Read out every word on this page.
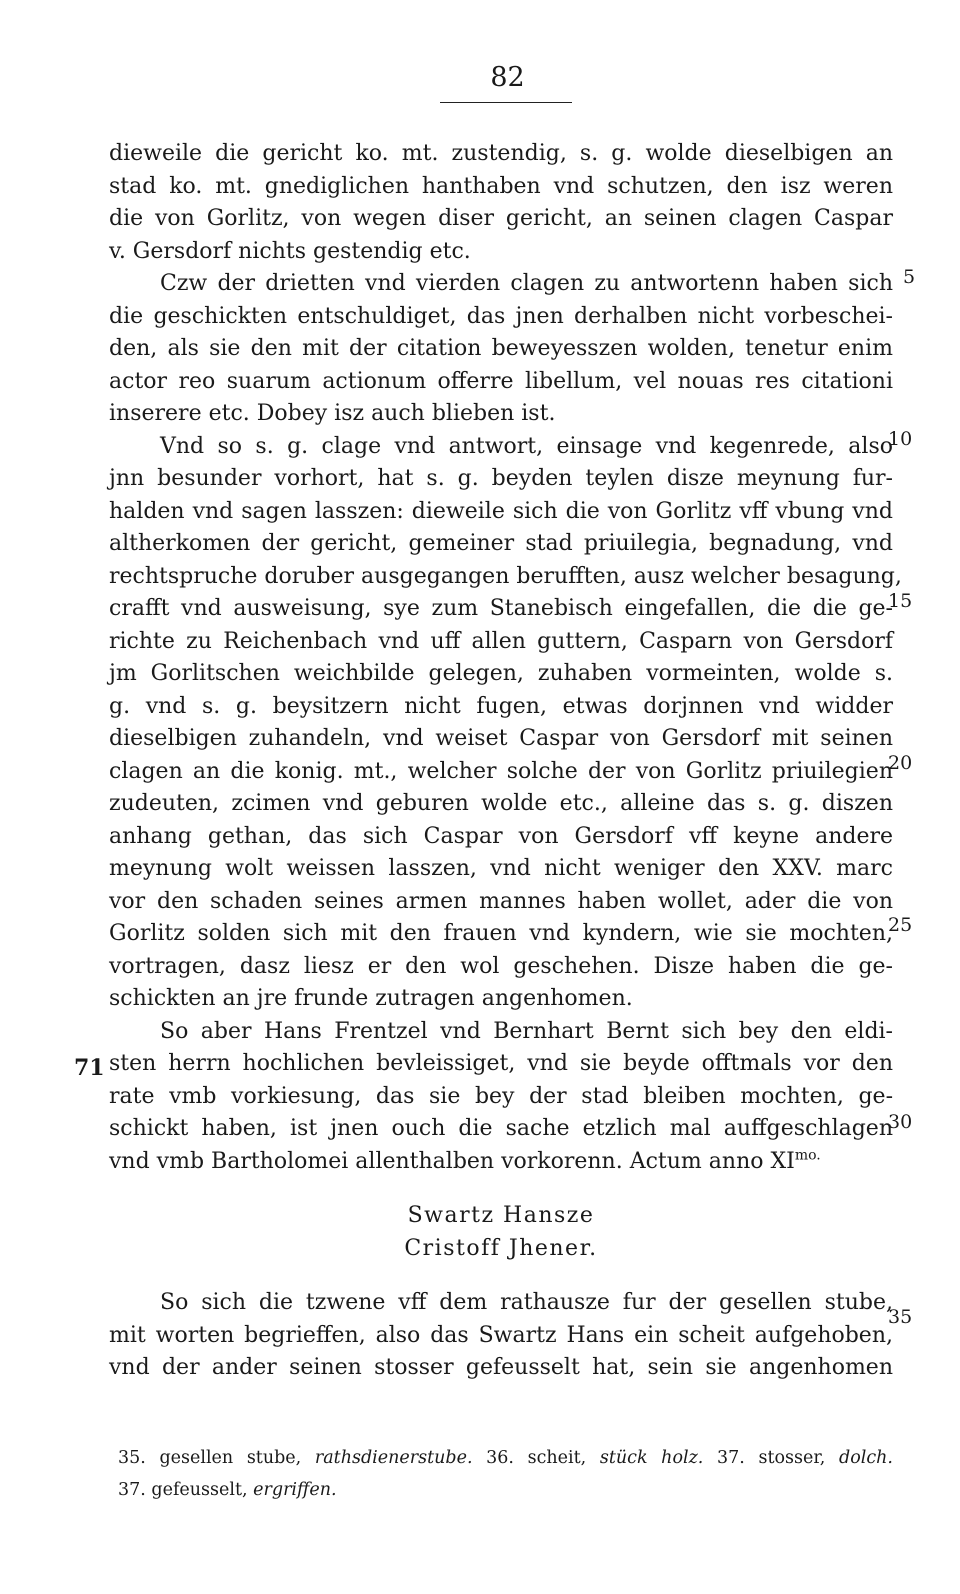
82
dieweile die gericht ko. mt. zustendig, s. g. wolde dieselbigen an
stad ko. mt. gnediglichen hanthaben vnd schutzen, den isz weren
die von Gorlitz, von wegen diser gericht, an seinen clagen Caspar
v. Gersdorf nichts gestendig etc.
Czw der drietten vnd vierden clagen zu antwortenn haben sich
die geschickten entschuldiget, das jnen derhalben nicht vorbeschei-
den, als sie den mit der citation beweyesszen wolden, tenetur enim
actor reo suarum actionum offerre libellum, vel nouas res citationi
inserere etc. Dobey isz auch blieben ist.
Vnd so s. g. clage vnd antwort, einsage vnd kegenrede, also
jnn besunder vorhort, hat s. g. beyden teylen disze meynung fur-
halden vnd sagen lasszen: dieweile sich die von Gorlitz vff vbung vnd
altherkomen der gericht, gemeiner stad priuilegia, begnadung, vnd
rechtspruche doruber ausgegangen berufften, ausz welcher besagung,
crafft vnd ausweisung, sye zum Stanebisch eingefallen, die die ge-
richte zu Reichenbach vnd uff allen guttern, Casparn von Gersdorf
jm Gorlitschen weichbilde gelegen, zuhaben vormeinten, wolde s.
g. vnd s. g. beysitzern nicht fugen, etwas dorjnnen vnd widder
dieselbigen zuhandeln, vnd weiset Caspar von Gersdorf mit seinen
clagen an die konig. mt., welcher solche der von Gorlitz priuilegien
zudeuten, zcimen vnd geburen wolde etc., alleine das s. g. diszen
anhang gethan, das sich Caspar von Gersdorf vff keyne andere
meynung wolt weissen lasszen, vnd nicht weniger den XXV. marc
vor den schaden seines armen mannes haben wollet, ader die von
Gorlitz solden sich mit den frauen vnd kyndern, wie sie mochten,
vortragen, dasz liesz er den wol geschehen. Disze haben die ge-
schickten an jre frunde zutragen angenhomen.
So aber Hans Frentzel vnd Bernhart Bernt sich bey den eldi-
sten herrn hochlichen bevleissiget, vnd sie beyde offtmals vor den
rate vmb vorkiesung, das sie bey der stad bleiben mochten, ge-
schickt haben, ist jnen ouch die sache etzlich mal auffgeschlagen
vnd vmb Bartholomei allenthalben vorkorenn. Actum anno $XI^{mo.}$
Swartz Hansze
Cristoff Jhener.
So sich die tzwene vff dem rathausze fur der gesellen stube,
mit worten begrieffen, also das Swartz Hans ein scheit aufgehoben,
vnd der ander seinen stosser gefeusselt hat, sein sie angenhomen
71
5
10
15
20
25
30
35
35. gesellen stube, rathsdienerstube. 36. scheit, stück holz. 37. stosser, dolch.
37. gefeusselt, ergriffen.
